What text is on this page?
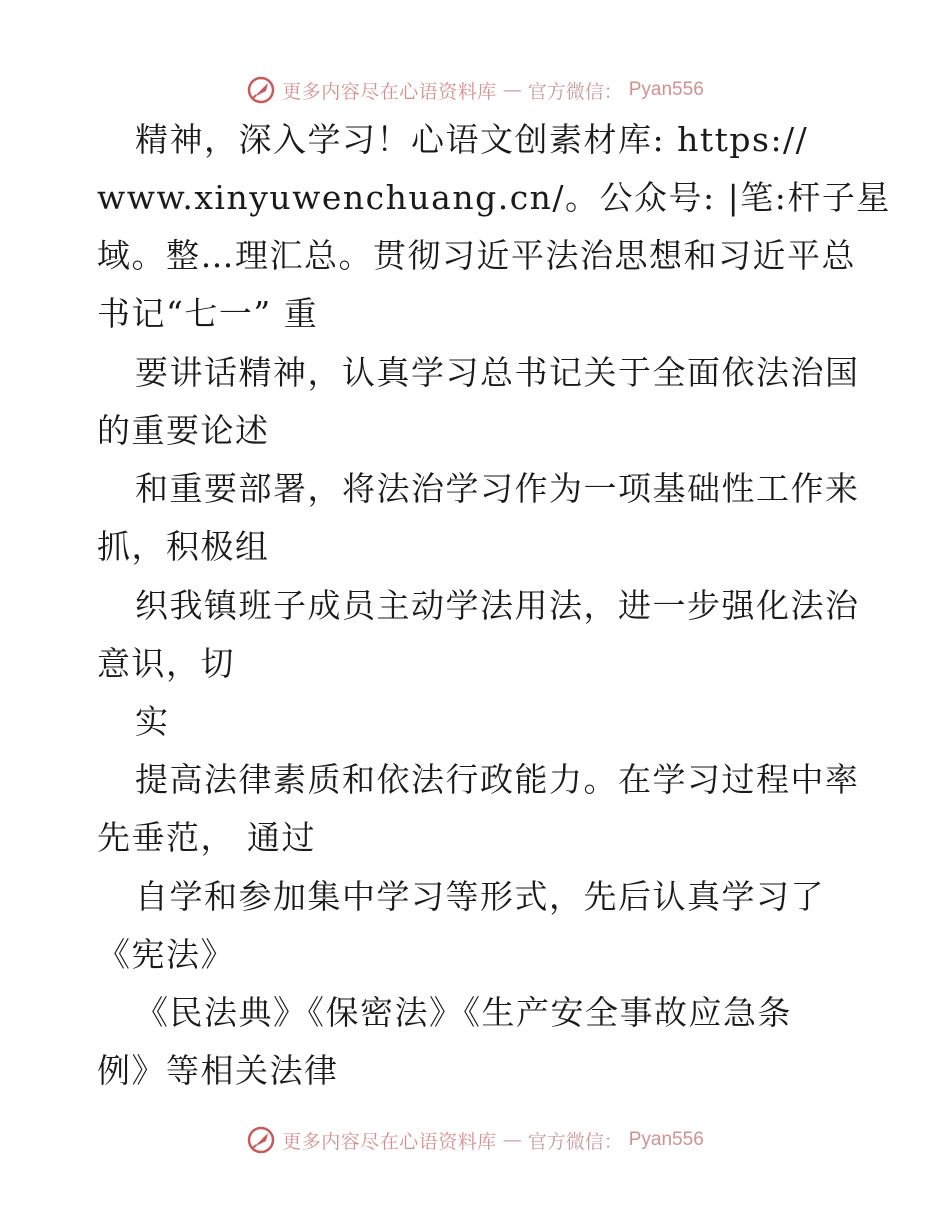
更多内容尽在心语资料库 — 官方微信： Pyan556
精神，深入学习！心语文创素材库: https://
www.xinyuwenchuang.cn/。公众号: |笔:杆子星
域。整…理汇总。贯彻习近平法治思想和习近平总
书记“七一” 重
要讲话精神，认真学习总书记关于全面依法治国
的重要论述
和重要部署，将法治学习作为一项基础性工作来
抓，积极组
织我镇班子成员主动学法用法，进一步强化法治
意识，切
实
提高法律素质和依法行政能力。在学习过程中率
先垂范， 通过
自学和参加集中学习等形式，先后认真学习了
《宪法》
《民法典》《保密法》《生产安全事故应急条
例》等相关法律
更多内容尽在心语资料库 — 官方微信： Pyan556
